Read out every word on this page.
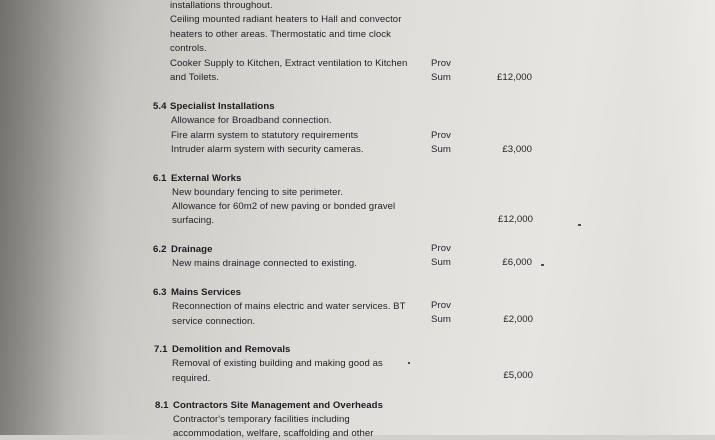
installations throughout.
Ceiling mounted radiant heaters to Hall and convector
heaters to other areas. Thermostatic and time clock
controls.
Cooker Supply to Kitchen, Extract ventilation to Kitchen
and Toilets.
Prov
Sum	£12,000
5.4 Specialist Installations
Allowance for Broadband connection.
Fire alarm system to statutory requirements
Intruder alarm system with security cameras.
Prov
Sum	£3,000
6.1 External Works
New boundary fencing to site perimeter.
Allowance for 60m2 of new paving or bonded gravel
surfacing.	£12,000
6.2 Drainage
New mains drainage connected to existing.
Prov
Sum	£6,000
6.3 Mains Services
Reconnection of mains electric and water services. BT
service connection.
Prov
Sum	£2,000
7.1 Demolition and Removals
Removal of existing building and making good as
required.	£5,000
8.1 Contractors Site Management and Overheads
Contractor's temporary facilities including
accommodation, welfare, scaffolding and other
